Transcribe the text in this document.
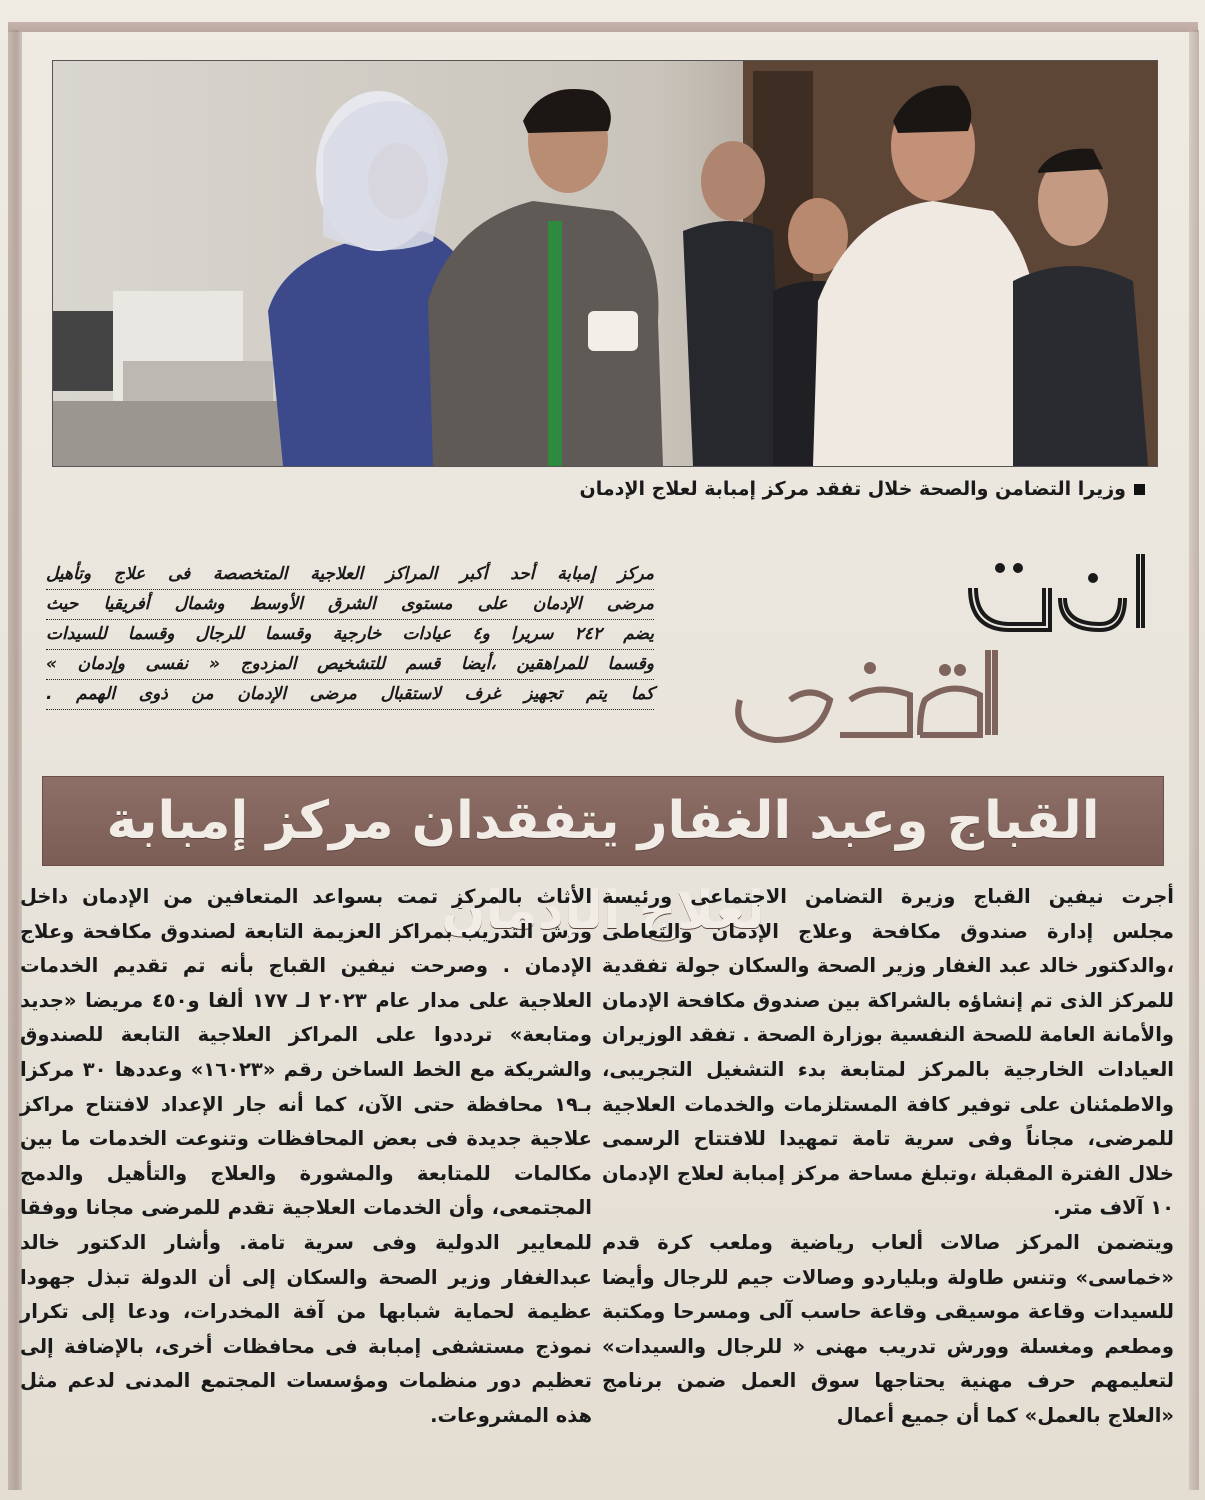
وزيرا التضامن والصحة خلال تفقد مركز إمبابة لعلاج الإدمان
مركز إمبابة أحد أكبر المراكز العلاجية المتخصصة فى علاج وتأهيل
مرضى الإدمان على مستوى الشرق الأوسط وشمال أفريقيا حيث
يضم ٢٤٢ سريرا و٤ عيادات خارجية وقسما للرجال وقسما للسيدات
وقسما للمراهقين ،أيضا قسم للتشخيص المزدوج « نفسى وإدمان »
كما يتم تجهيز غرف لاستقبال مرضى الإدمان من ذوى الهمم .
القباج وعبد الغفار يتفقدان مركز إمبابة لعلاج الإدمان

أجرت نيفين القباج وزيرة التضامن الاجتماعى ورئيسة مجلس إدارة صندوق مكافحة وعلاج الإدمان والتعاطى ،والدكتور خالد عبد الغفار وزير الصحة والسكان جولة تفقدية للمركز الذى تم إنشاؤه بالشراكة بين صندوق مكافحة الإدمان والأمانة العامة للصحة النفسية بوزارة الصحة . تفقد الوزيران العيادات الخارجية بالمركز لمتابعة بدء التشغيل التجريبى، والاطمئنان على توفير كافة المستلزمات والخدمات العلاجية للمرضى، مجاناً وفى سرية تامة تمهيدا للافتتاح الرسمى خلال الفترة المقبلة ،وتبلغ مساحة مركز إمبابة لعلاج الإدمان ١٠ آلاف متر.

ويتضمن المركز صالات ألعاب رياضية وملعب كرة قدم «خماسى» وتنس طاولة وبلياردو وصالات جيم للرجال وأيضا للسيدات وقاعة موسيقى وقاعة حاسب آلى ومسرحا ومكتبة ومطعم ومغسلة وورش تدريب مهنى « للرجال والسيدات» لتعليمهم حرف مهنية يحتاجها سوق العمل ضمن برنامج «العلاج بالعمل» كما أن جميع أعمال

الأثاث بالمركز تمت بسواعد المتعافين من الإدمان داخل ورش التدريب بمراكز العزيمة التابعة لصندوق مكافحة وعلاج الإدمان . وصرحت نيفين القباج بأنه تم تقديم الخدمات العلاجية على مدار عام ٢٠٢٣ لـ ١٧٧ ألفا و٤٥٠ مريضا «جديد ومتابعة» ترددوا على المراكز العلاجية التابعة للصندوق والشريكة مع الخط الساخن رقم «١٦٠٢٣» وعددها ٣٠ مركزا بـ١٩ محافظة حتى الآن، كما أنه جار الإعداد لافتتاح مراكز علاجية جديدة فى بعض المحافظات وتنوعت الخدمات ما بين مكالمات للمتابعة والمشورة والعلاج والتأهيل والدمج المجتمعى، وأن الخدمات العلاجية تقدم للمرضى مجانا ووفقا للمعايير الدولية وفى سرية تامة. وأشار الدكتور خالد عبدالغفار وزير الصحة والسكان إلى أن الدولة تبذل جهودا عظيمة لحماية شبابها من آفة المخدرات، ودعا إلى تكرار نموذج مستشفى إمبابة فى محافظات أخرى، بالإضافة إلى تعظيم دور منظمات ومؤسسات المجتمع المدنى لدعم مثل هذه المشروعات.
